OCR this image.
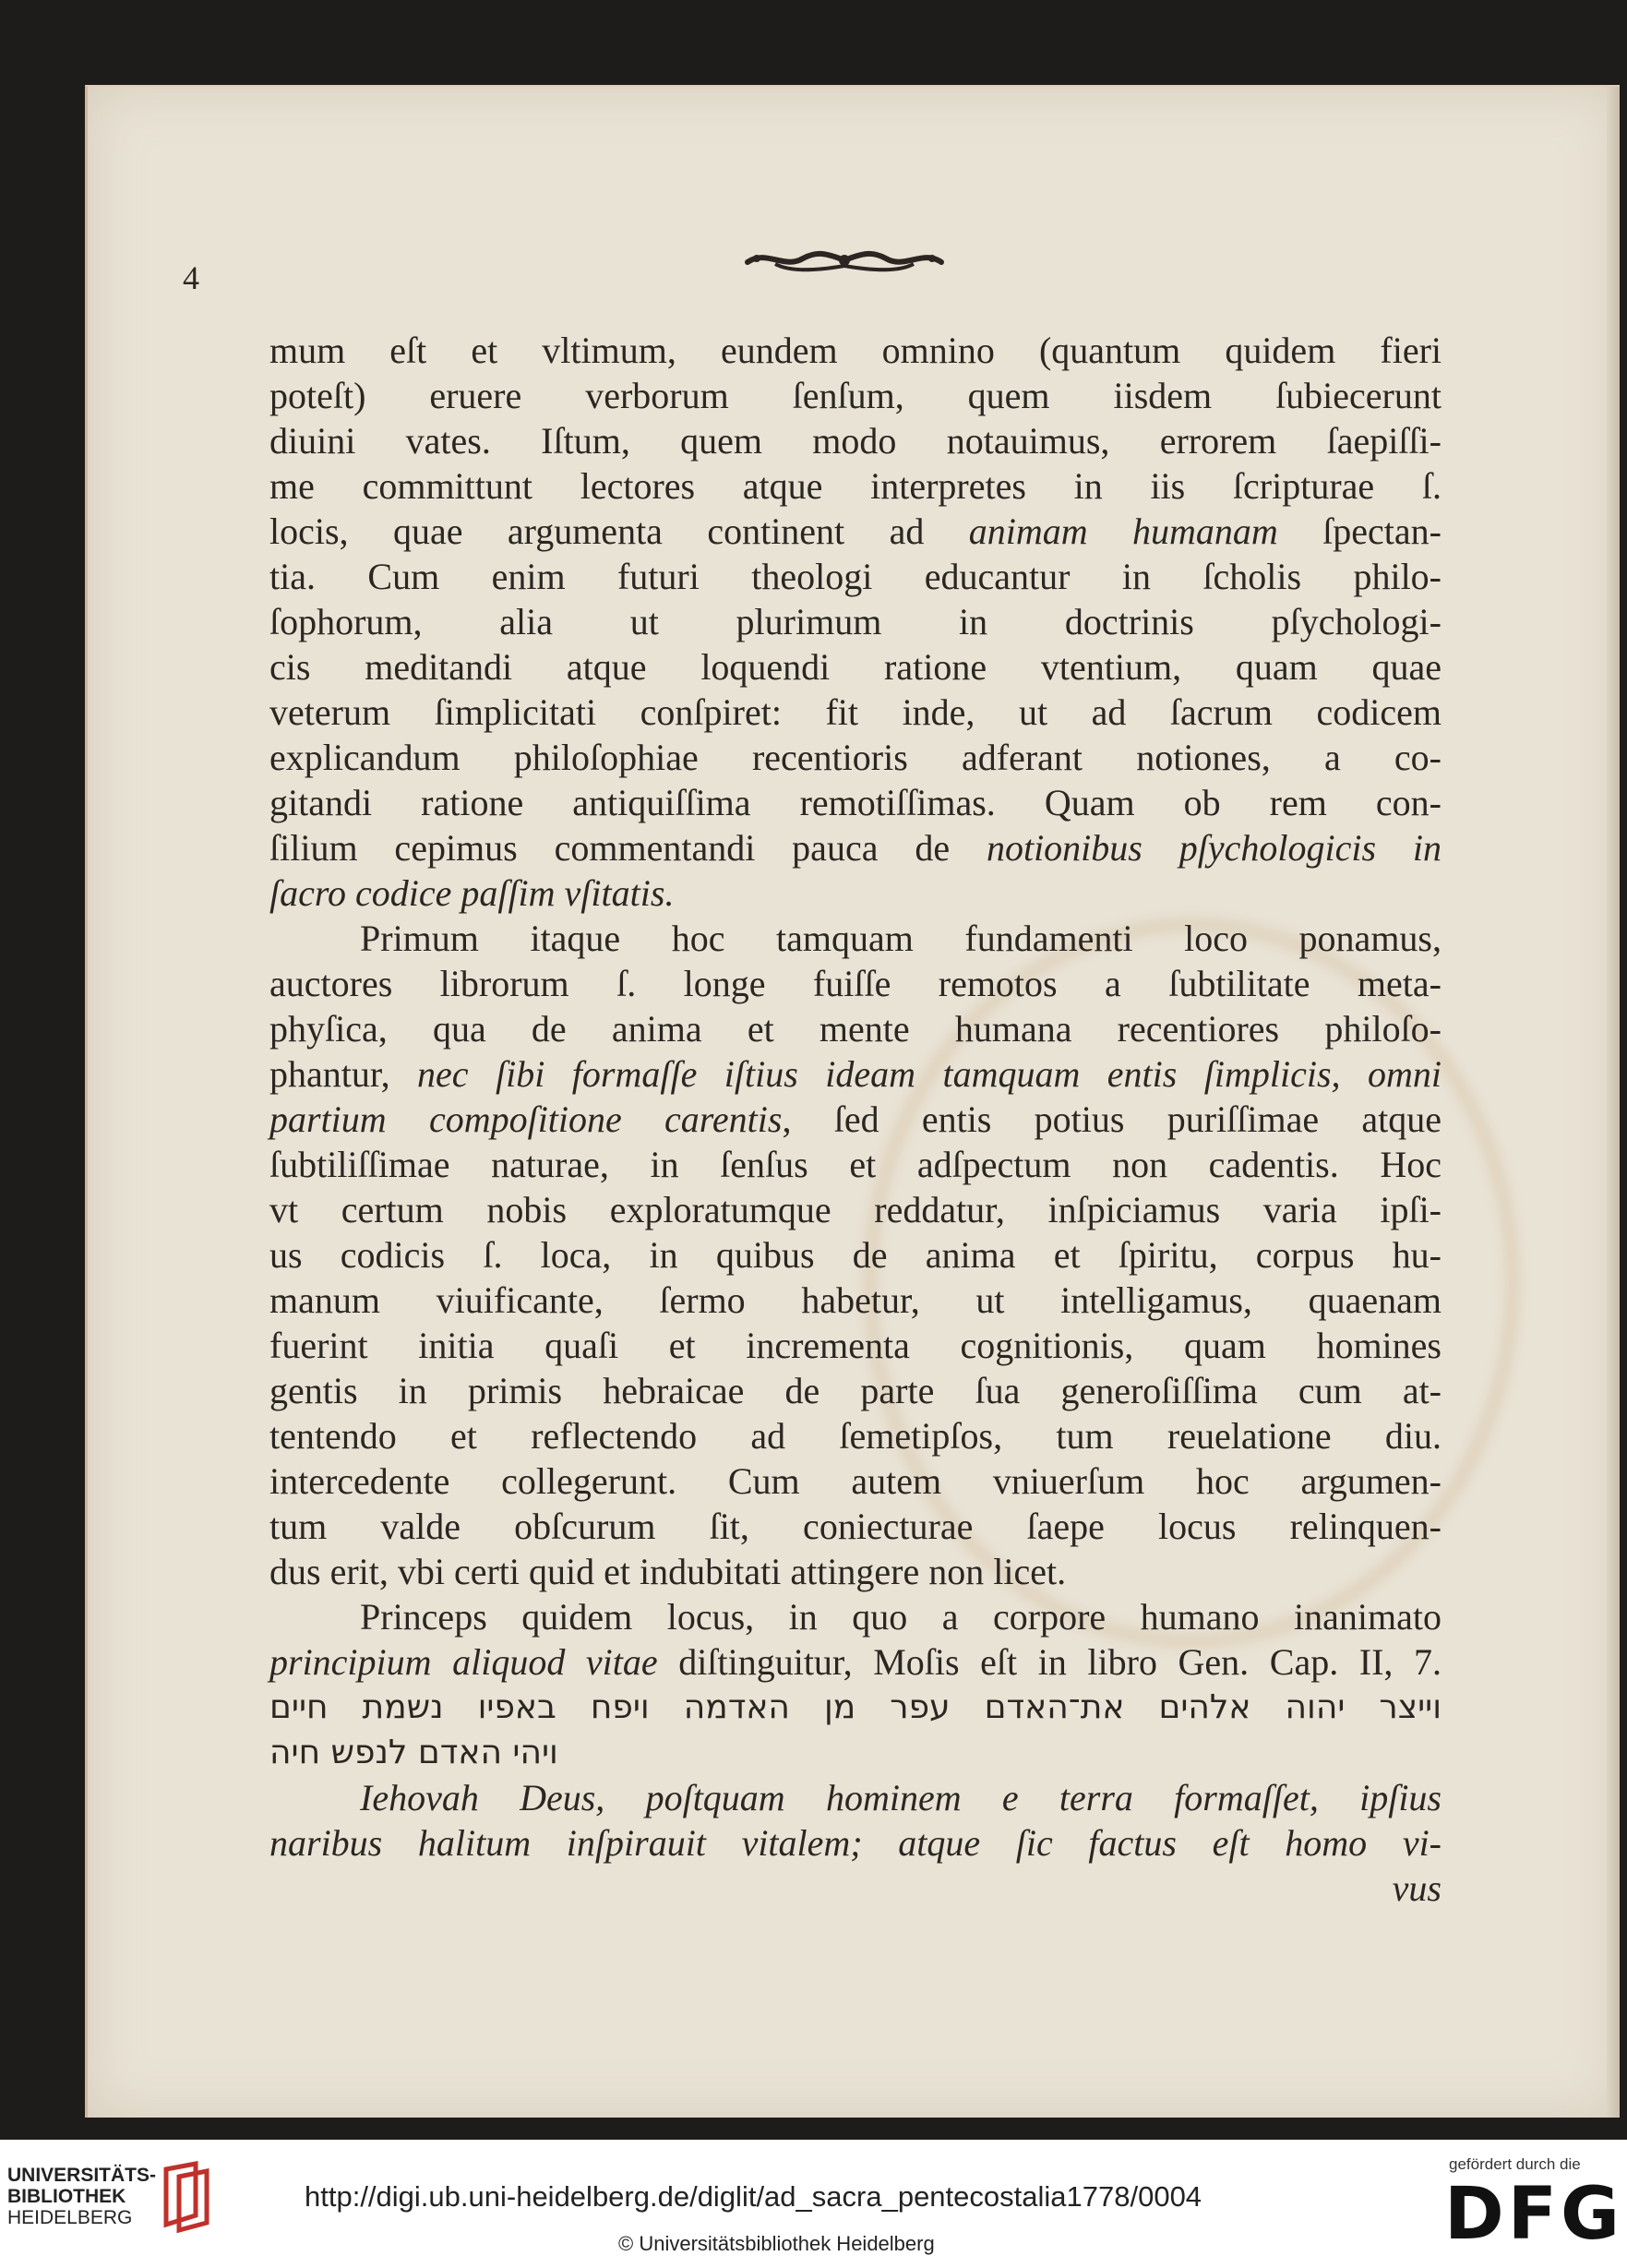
4
mum eſt et vltimum, eundem omnino (quantum quidem fieri
poteſt) eruere verborum ſenſum, quem iisdem ſubiecerunt
diuini vates. Iſtum, quem modo notauimus, errorem ſaepiſſi-
me committunt lectores atque interpretes in iis ſcripturae ſ.
locis, quae argumenta continent ad animam humanam ſpectan-
tia. Cum enim futuri theologi educantur in ſcholis philo-
ſophorum, alia ut plurimum in doctrinis pſychologi-
cis meditandi atque loquendi ratione vtentium, quam quae
veterum ſimplicitati conſpiret: fit inde, ut ad ſacrum codicem
explicandum philoſophiae recentioris adferant notiones, a co-
gitandi ratione antiquiſſima remotiſſimas. Quam ob rem con-
ſilium cepimus commentandi pauca de notionibus pſychologicis in
ſacro codice paſſim vſitatis.
Primum itaque hoc tamquam fundamenti loco ponamus,
auctores librorum ſ. longe fuiſſe remotos a ſubtilitate meta-
phyſica, qua de anima et mente humana recentiores philoſo-
phantur, nec ſibi formaſſe iſtius ideam tamquam entis ſimplicis, omni
partium compoſitione carentis, ſed entis potius puriſſimae atque
ſubtiliſſimae naturae, in ſenſus et adſpectum non cadentis. Hoc
vt certum nobis exploratumque reddatur, inſpiciamus varia ipſi-
us codicis ſ. loca, in quibus de anima et ſpiritu, corpus hu-
manum viuificante, ſermo habetur, ut intelligamus, quaenam
fuerint initia quaſi et incrementa cognitionis, quam homines
gentis in primis hebraicae de parte ſua generoſiſſima cum at-
tentendo et reflectendo ad ſemetipſos, tum reuelatione diu.
intercedente collegerunt. Cum autem vniuerſum hoc argumen-
tum valde obſcurum ſit, coniecturae ſaepe locus relinquen-
dus erit, vbi certi quid et indubitati attingere non licet.
Princeps quidem locus, in quo a corpore humano inanimato
principium aliquod vitae diſtinguitur, Moſis eſt in libro Gen. Cap. II, 7.
וייצר יהוה אלהים את־האדם עפר מן האדמה ויפח באפיו נשמת חיים
ויהי האדם לנפש חיה
Iehovah Deus, poſtquam hominem e terra formaſſet, ipſius
naribus halitum inſpirauit vitalem; atque ſic factus eſt homo vi-
vus
UNIVERSITÄTS-
BIBLIOTHEK
HEIDELBERG
http://digi.ub.uni-heidelberg.de/diglit/ad_sacra_pentecostalia1778/0004
© Universitätsbibliothek Heidelberg
gefördert durch die
DFG
